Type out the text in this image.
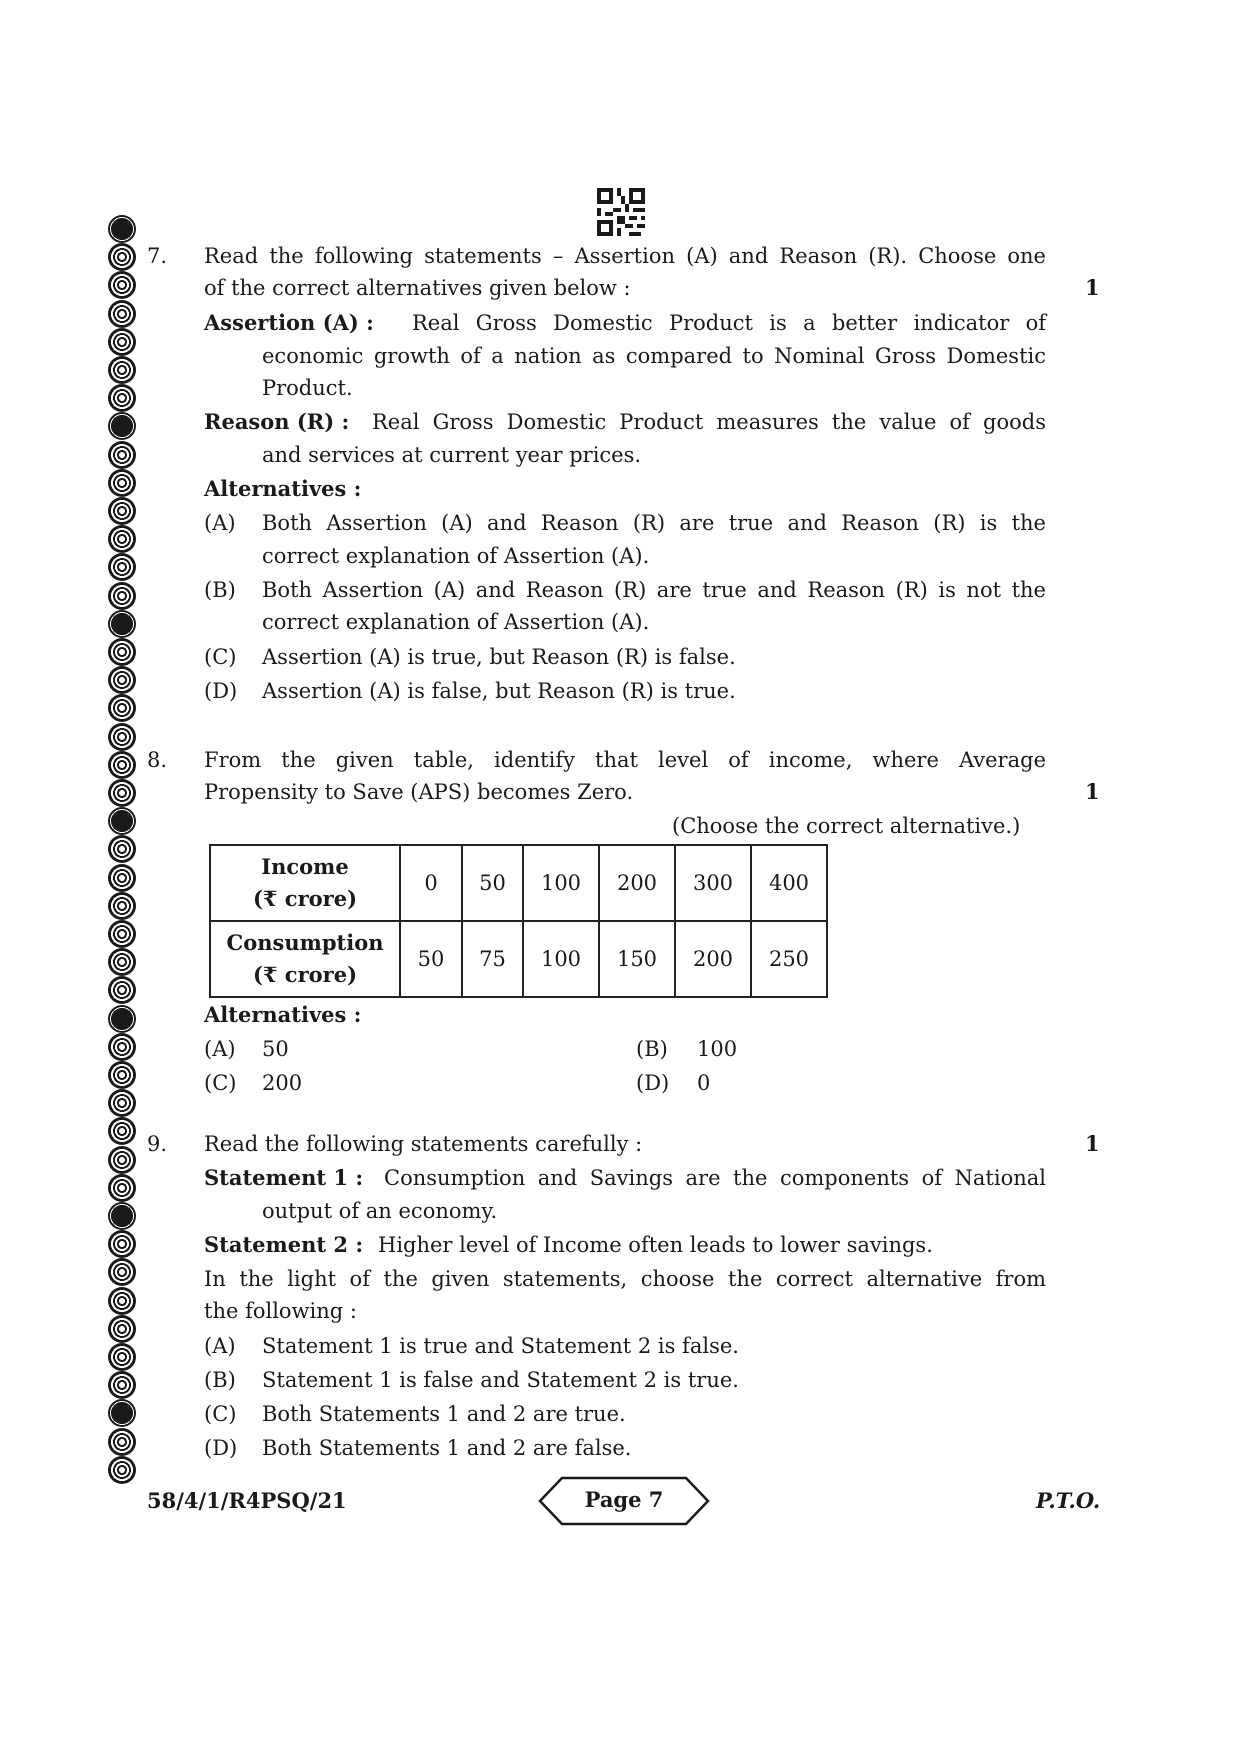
7. Read the following statements – Assertion (A) and Reason (R). Choose one
of the correct alternatives given below :	1
Assertion (A) : Real Gross Domestic Product is a better indicator of
economic growth of a nation as compared to Nominal Gross Domestic
Product.
Reason (R) : Real Gross Domestic Product measures the value of goods
and services at current year prices.
Alternatives :
(A) Both Assertion (A) and Reason (R) are true and Reason (R) is the
correct explanation of Assertion (A).
(B) Both Assertion (A) and Reason (R) are true and Reason (R) is not the
correct explanation of Assertion (A).
(C) Assertion (A) is true, but Reason (R) is false.
(D) Assertion (A) is false, but Reason (R) is true.
8. From the given table, identify that level of income, where Average
Propensity to Save (APS) becomes Zero.	1
(Choose the correct alternative.)
Income
(₹ crore)	0	50	100	200	300	400
Consumption
(₹ crore)	50	75	100	150	200	250
Alternatives :
(A) 50	(B) 100
(C) 200	(D) 0
9. Read the following statements carefully :	1
Statement 1 : Consumption and Savings are the components of National
output of an economy.
Statement 2 : Higher level of Income often leads to lower savings.
In the light of the given statements, choose the correct alternative from
the following :
(A) Statement 1 is true and Statement 2 is false.
(B) Statement 1 is false and Statement 2 is true.
(C) Both Statements 1 and 2 are true.
(D) Both Statements 1 and 2 are false.
58/4/1/R4PSQ/21	Page 7	P.T.O.
